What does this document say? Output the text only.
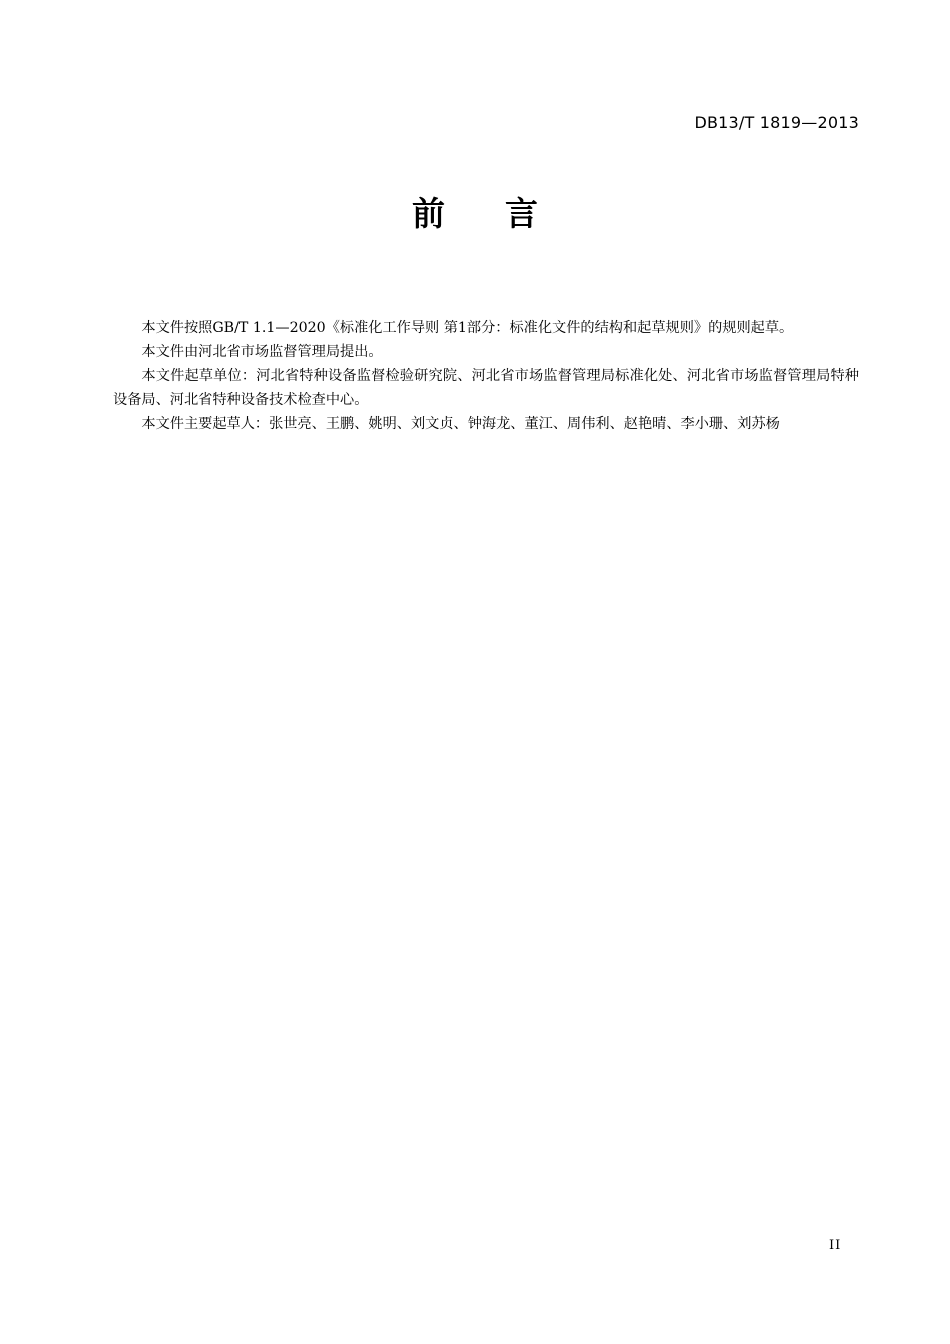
DB13/T 1819—2013
前 言

本文件按照GB/T 1.1—2020《标准化工作导则 第1部分：标准化文件的结构和起草规则》的规则起草。

本文件由河北省市场监督管理局提出。

本文件起草单位：河北省特种设备监督检验研究院、河北省市场监督管理局标准化处、河北省市场监督管理局特种设备局、河北省特种设备技术检查中心。

本文件主要起草人：张世亮、王鹏、姚明、刘文贞、钟海龙、董江、周伟利、赵艳晴、李小珊、刘苏杨

II
